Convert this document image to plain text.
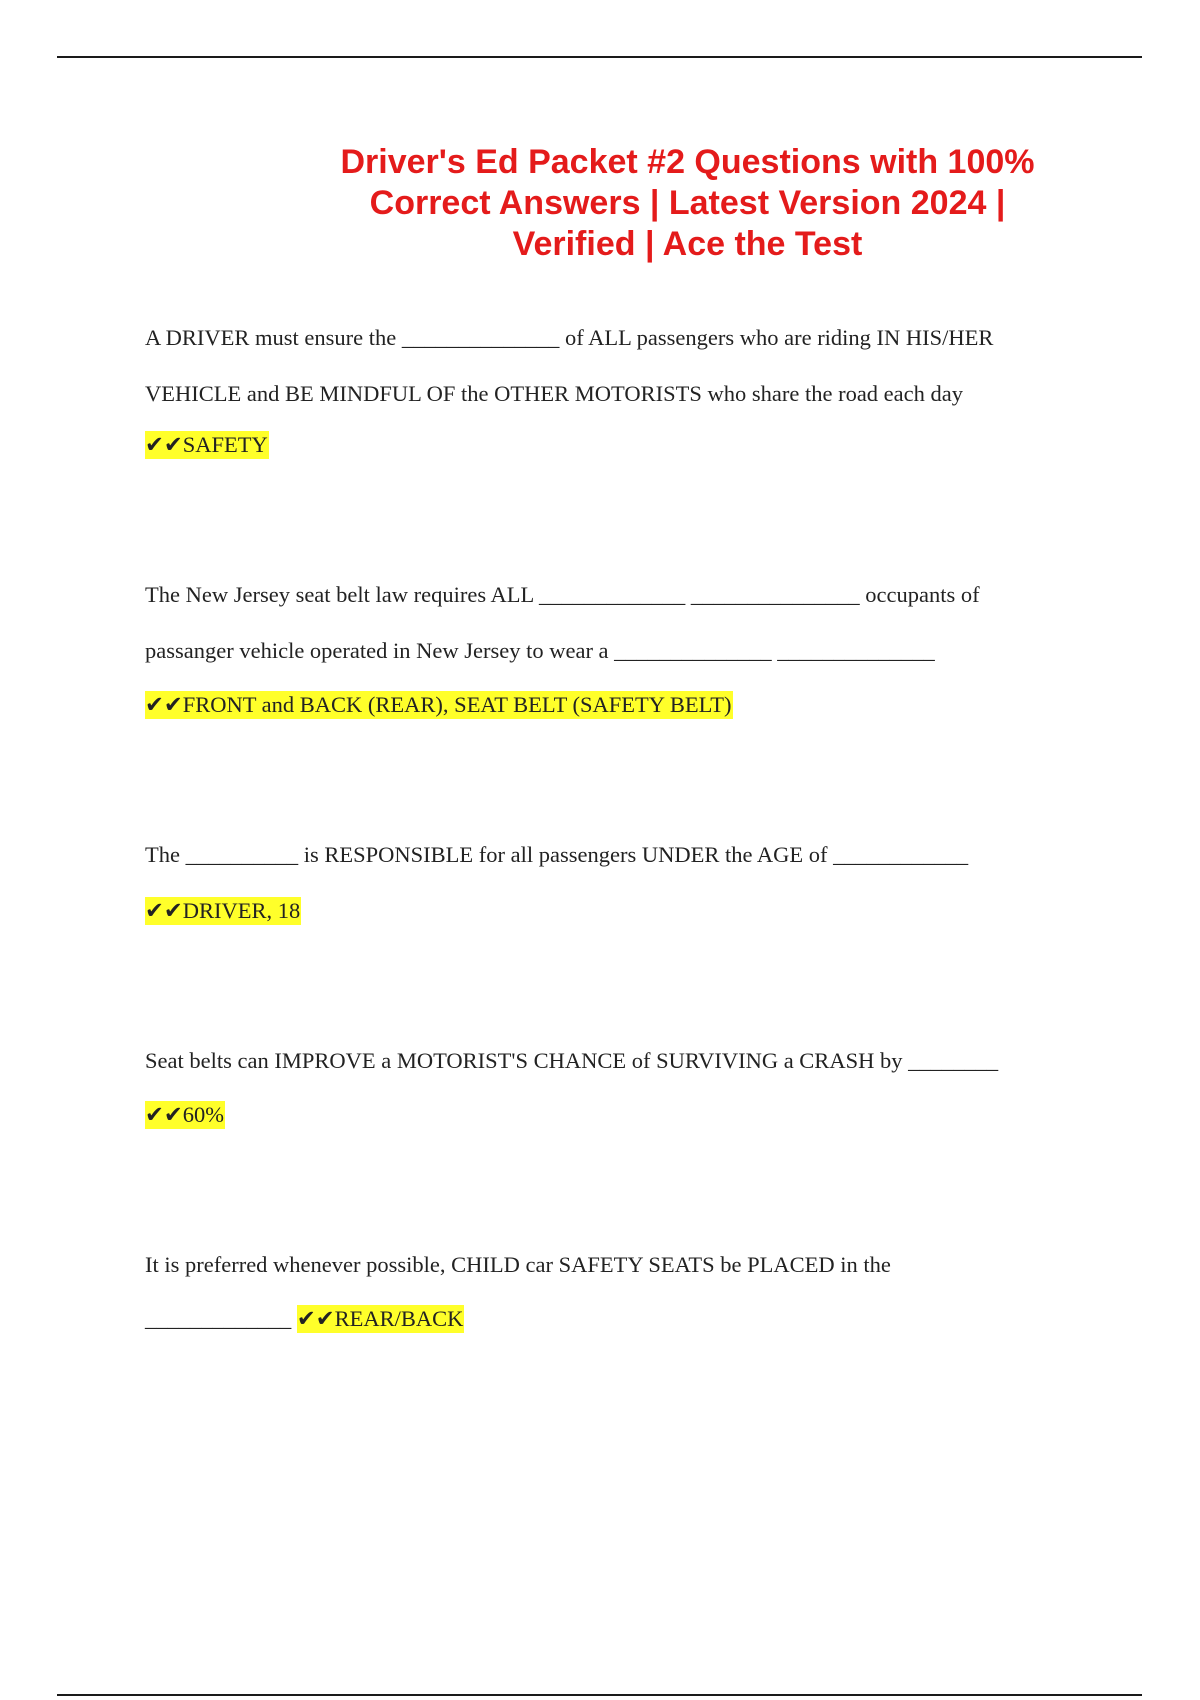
Driver's Ed Packet #2 Questions with 100%
Correct Answers | Latest Version 2024 |
Verified | Ace the Test
A DRIVER must ensure the ______________ of ALL passengers who are riding IN HIS/HER
VEHICLE and BE MINDFUL OF the OTHER MOTORISTS who share the road each day
✔✔SAFETY
The New Jersey seat belt law requires ALL _____________ _______________ occupants of
passanger vehicle operated in New Jersey to wear a ______________ ______________
✔✔FRONT and BACK (REAR), SEAT BELT (SAFETY BELT)
The __________ is RESPONSIBLE for all passengers UNDER the AGE of ____________
✔✔DRIVER, 18
Seat belts can IMPROVE a MOTORIST'S CHANCE of SURVIVING a CRASH by ________
✔✔60%
It is preferred whenever possible, CHILD car SAFETY SEATS be PLACED in the
_____________ ✔✔REAR/BACK
